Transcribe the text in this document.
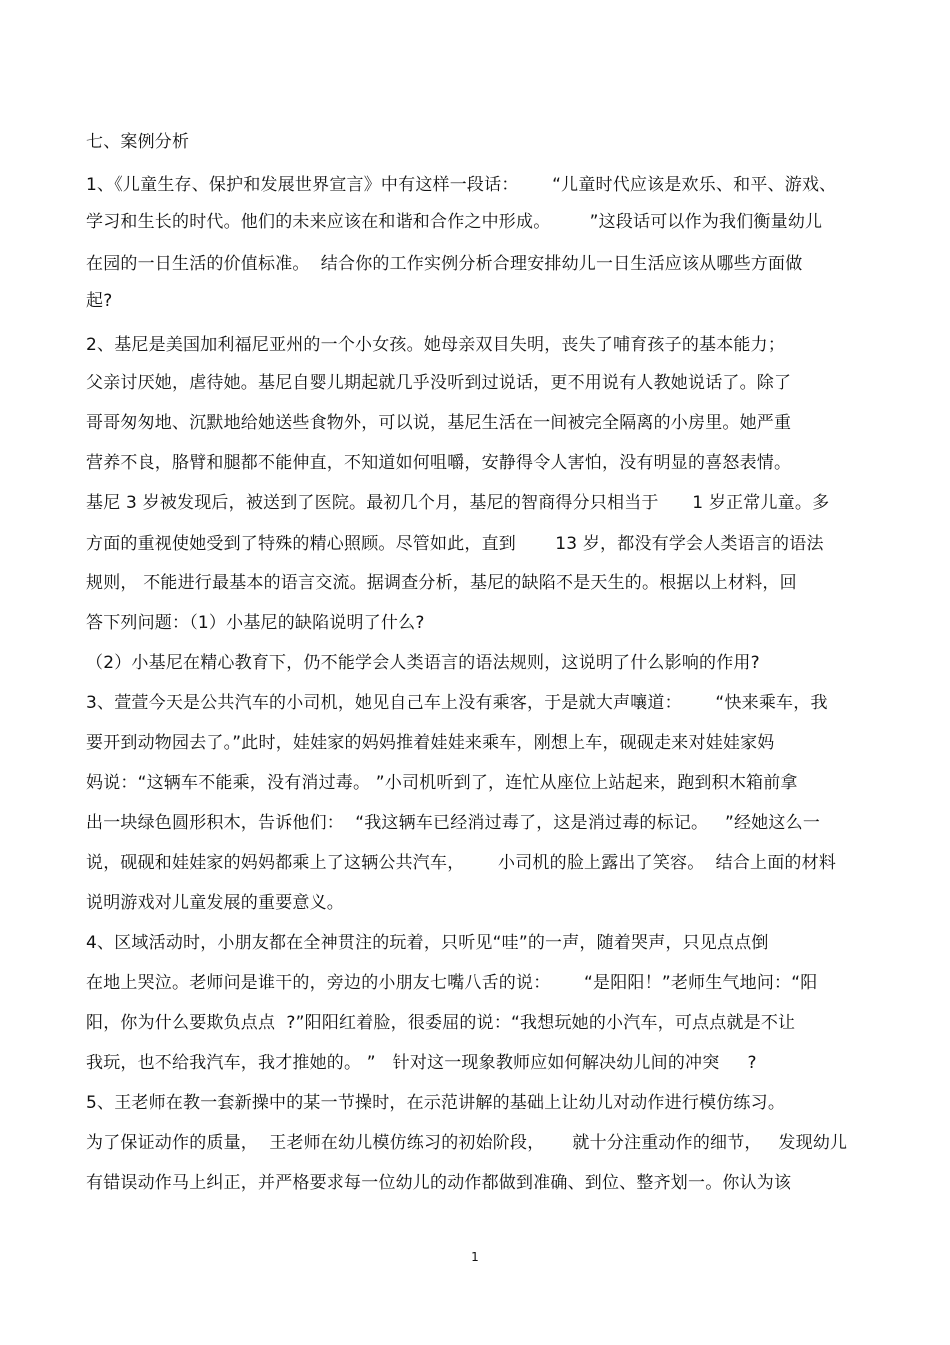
七、案例分析
1、《儿童生存、保护和发展世界宣言》中有这样一段话：      “儿童时代应该是欢乐、和平、游戏、
学习和生长的时代。他们的未来应该在和谐和合作之中形成。       ”这段话可以作为我们衡量幼儿
在园的一日生活的价值标准。  结合你的工作实例分析合理安排幼儿一日生活应该从哪些方面做
起?
2、基尼是美国加利福尼亚州的一个小女孩。她母亲双目失明，丧失了哺育孩子的基本能力；
父亲讨厌她，虐待她。基尼自婴儿期起就几乎没听到过说话，更不用说有人教她说话了。除了
哥哥匆匆地、沉默地给她送些食物外，可以说，基尼生活在一间被完全隔离的小房里。她严重
营养不良，胳臂和腿都不能伸直，不知道如何咀嚼，安静得令人害怕，没有明显的喜怒表情。
基尼 3 岁被发现后，被送到了医院。最初几个月，基尼的智商得分只相当于      1 岁正常儿童。多
方面的重视使她受到了特殊的精心照顾。尽管如此，直到       13 岁，都没有学会人类语言的语法
规则， 不能进行最基本的语言交流。据调查分析，基尼的缺陷不是天生的。根据以上材料，回
答下列问题：（1）小基尼的缺陷说明了什么?
（2）小基尼在精心教育下，仍不能学会人类语言的语法规则，这说明了什么影响的作用?
3、萱萱今天是公共汽车的小司机，她见自己车上没有乘客，于是就大声嚷道：      “快来乘车，我
要开到动物园去了。”此时，娃娃家的妈妈推着娃娃来乘车，刚想上车，砚砚走来对娃娃家妈
妈说：“这辆车不能乘，没有消过毒。 ”小司机听到了，连忙从座位上站起来，跑到积木箱前拿
出一块绿色圆形积木，告诉他们：  “我这辆车已经消过毒了，这是消过毒的标记。   ”经她这么一
说，砚砚和娃娃家的妈妈都乘上了这辆公共汽车，      小司机的脸上露出了笑容。  结合上面的材料
说明游戏对儿童发展的重要意义。
4、区域活动时，小朋友都在全神贯注的玩着，只听见“哇”的一声，随着哭声，只见点点倒
在地上哭泣。老师问是谁干的，旁边的小朋友七嘴八舌的说：      “是阳阳！”老师生气地问：“阳
阳，你为什么要欺负点点  ?”阳阳红着脸，很委屈的说：“我想玩她的小汽车，可点点就是不让
我玩，也不给我汽车，我才推她的。 ”   针对这一现象教师应如何解决幼儿间的冲突     ?
5、王老师在教一套新操中的某一节操时，在示范讲解的基础上让幼儿对动作进行模仿练习。
为了保证动作的质量，  王老师在幼儿模仿练习的初始阶段，     就十分注重动作的细节，   发现幼儿
有错误动作马上纠正，并严格要求每一位幼儿的动作都做到准确、到位、整齐划一。你认为该
1
